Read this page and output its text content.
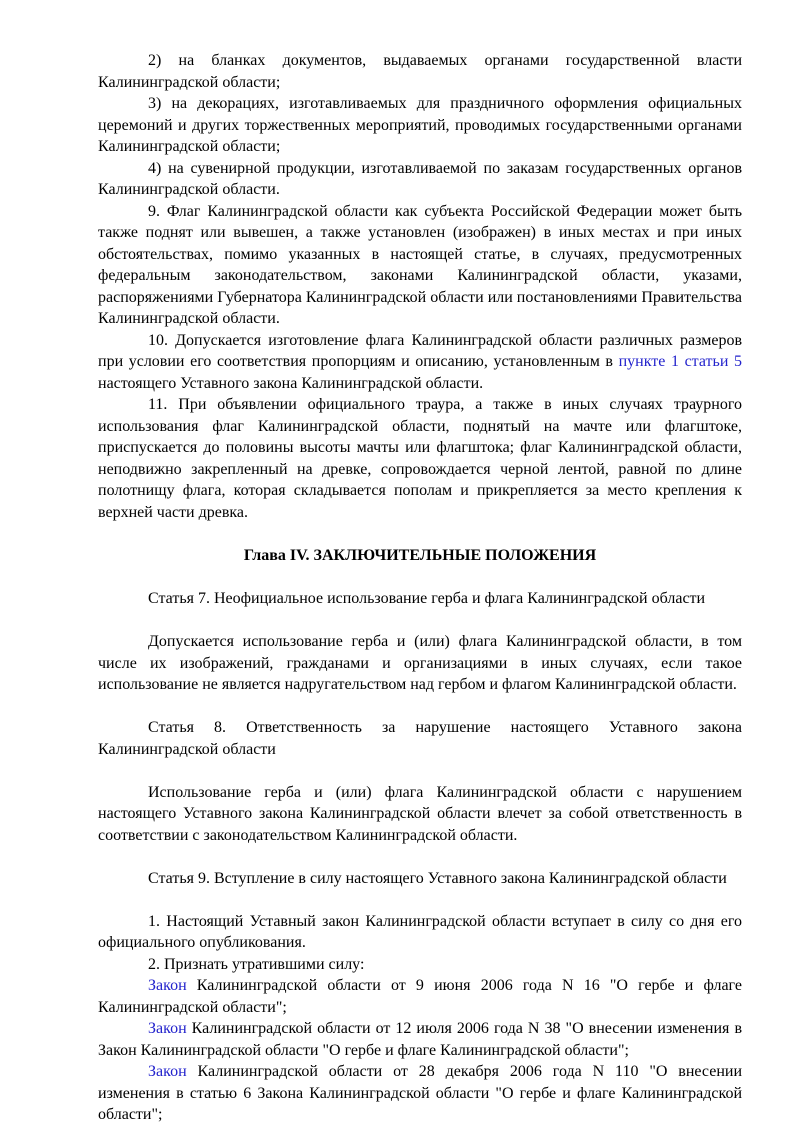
2) на бланках документов, выдаваемых органами государственной власти Калининградской области;

3) на декорациях, изготавливаемых для праздничного оформления официальных церемоний и других торжественных мероприятий, проводимых государственными органами Калининградской области;

4) на сувенирной продукции, изготавливаемой по заказам государственных органов Калининградской области.

9. Флаг Калининградской области как субъекта Российской Федерации может быть также поднят или вывешен, а также установлен (изображен) в иных местах и при иных обстоятельствах, помимо указанных в настоящей статье, в случаях, предусмотренных федеральным законодательством, законами Калининградской области, указами, распоряжениями Губернатора Калининградской области или постановлениями Правительства Калининградской области.

10. Допускается изготовление флага Калининградской области различных размеров при условии его соответствия пропорциям и описанию, установленным в пункте 1 статьи 5 настоящего Уставного закона Калининградской области.

11. При объявлении официального траура, а также в иных случаях траурного использования флаг Калининградской области, поднятый на мачте или флагштоке, приспускается до половины высоты мачты или флагштока; флаг Калининградской области, неподвижно закрепленный на древке, сопровождается черной лентой, равной по длине полотнищу флага, которая складывается пополам и прикрепляется за место крепления к верхней части древка.

Глава IV. ЗАКЛЮЧИТЕЛЬНЫЕ ПОЛОЖЕНИЯ

Статья 7. Неофициальное использование герба и флага Калининградской области

Допускается использование герба и (или) флага Калининградской области, в том числе их изображений, гражданами и организациями в иных случаях, если такое использование не является надругательством над гербом и флагом Калининградской области.

Статья 8. Ответственность за нарушение настоящего Уставного закона Калининградской области

Использование герба и (или) флага Калининградской области с нарушением настоящего Уставного закона Калининградской области влечет за собой ответственность в соответствии с законодательством Калининградской области.

Статья 9. Вступление в силу настоящего Уставного закона Калининградской области

1. Настоящий Уставный закон Калининградской области вступает в силу со дня его официального опубликования.

2. Признать утратившими силу:

Закон Калининградской области от 9 июня 2006 года N 16 "О гербе и флаге Калининградской области";

Закон Калининградской области от 12 июля 2006 года N 38 "О внесении изменения в Закон Калининградской области "О гербе и флаге Калининградской области";

Закон Калининградской области от 28 декабря 2006 года N 110 "О внесении изменения в статью 6 Закона Калининградской области "О гербе и флаге Калининградской области";
